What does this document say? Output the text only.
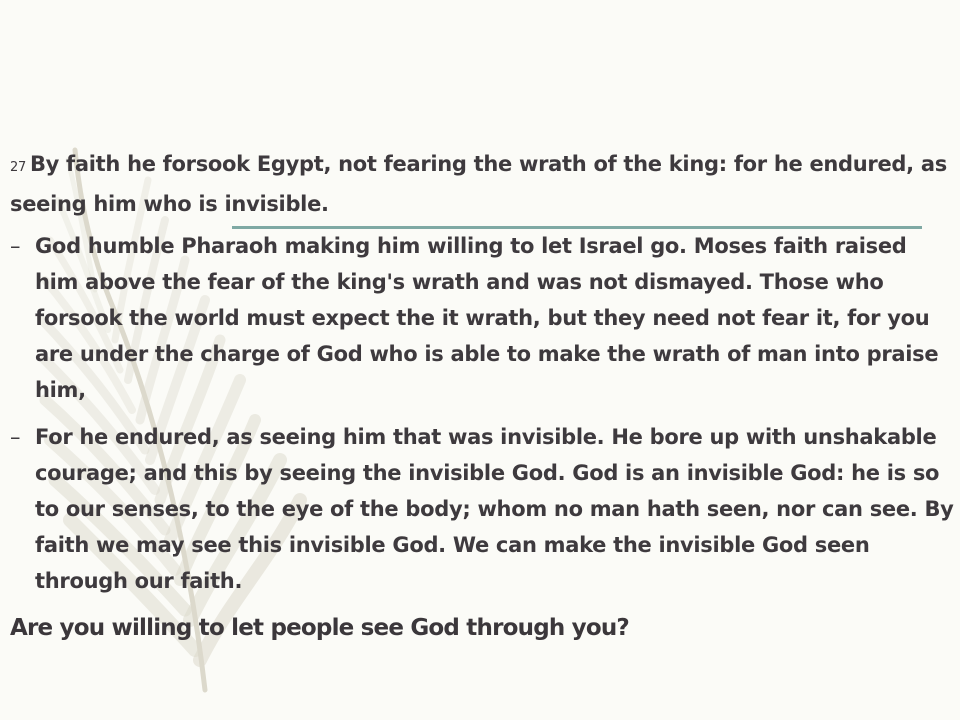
27 By faith he forsook Egypt, not fearing the wrath of the king: for he endured, as seeing him who is invisible.

– God humble Pharaoh making him willing to let Israel go. Moses faith raised him above the fear of the king's wrath and was not dismayed. Those who forsook the world must expect the it wrath, but they need not fear it, for you are under the charge of God who is able to make the wrath of man into praise him,
– For he endured, as seeing him that was invisible. He bore up with unshakable courage; and this by seeing the invisible God. God is an invisible God: he is so to our senses, to the eye of the body; whom no man hath seen, nor can see. By faith we may see this invisible God. We can make the invisible God seen through our faith.

Are you willing to let people see God through you?
